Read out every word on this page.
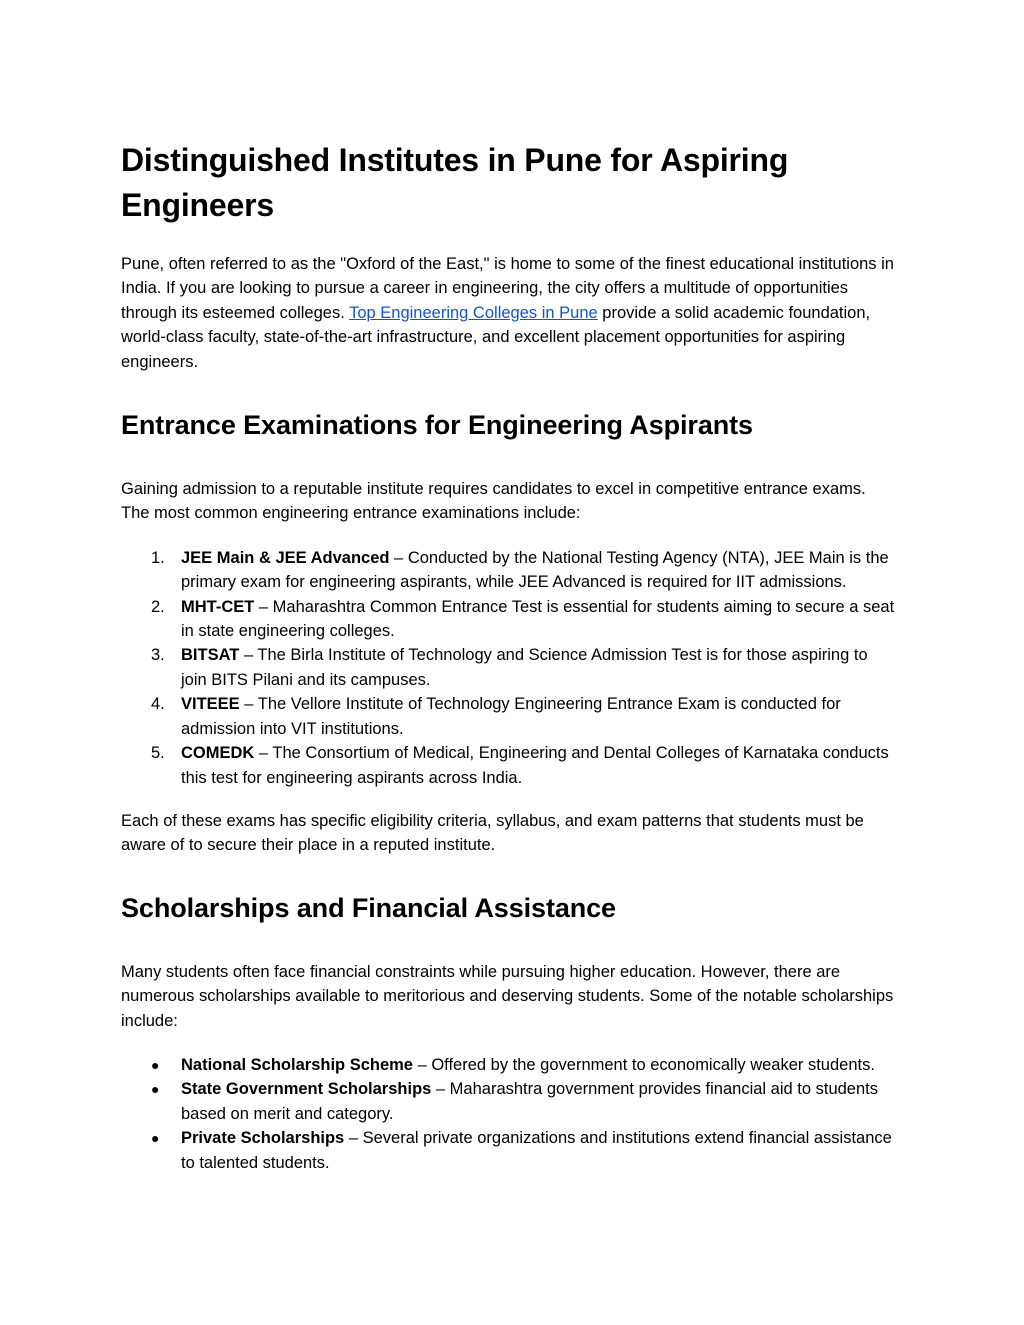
Distinguished Institutes in Pune for Aspiring Engineers

Pune, often referred to as the "Oxford of the East," is home to some of the finest educational institutions in India. If you are looking to pursue a career in engineering, the city offers a multitude of opportunities through its esteemed colleges. Top Engineering Colleges in Pune provide a solid academic foundation, world-class faculty, state-of-the-art infrastructure, and excellent placement opportunities for aspiring engineers.

Entrance Examinations for Engineering Aspirants

Gaining admission to a reputable institute requires candidates to excel in competitive entrance exams. The most common engineering entrance examinations include:

1. JEE Main & JEE Advanced – Conducted by the National Testing Agency (NTA), JEE Main is the primary exam for engineering aspirants, while JEE Advanced is required for IIT admissions.
2. MHT-CET – Maharashtra Common Entrance Test is essential for students aiming to secure a seat in state engineering colleges.
3. BITSAT – The Birla Institute of Technology and Science Admission Test is for those aspiring to join BITS Pilani and its campuses.
4. VITEEE – The Vellore Institute of Technology Engineering Entrance Exam is conducted for admission into VIT institutions.
5. COMEDK – The Consortium of Medical, Engineering and Dental Colleges of Karnataka conducts this test for engineering aspirants across India.

Each of these exams has specific eligibility criteria, syllabus, and exam patterns that students must be aware of to secure their place in a reputed institute.

Scholarships and Financial Assistance

Many students often face financial constraints while pursuing higher education. However, there are numerous scholarships available to meritorious and deserving students. Some of the notable scholarships include:

● National Scholarship Scheme – Offered by the government to economically weaker students.
● State Government Scholarships – Maharashtra government provides financial aid to students based on merit and category.
● Private Scholarships – Several private organizations and institutions extend financial assistance to talented students.
